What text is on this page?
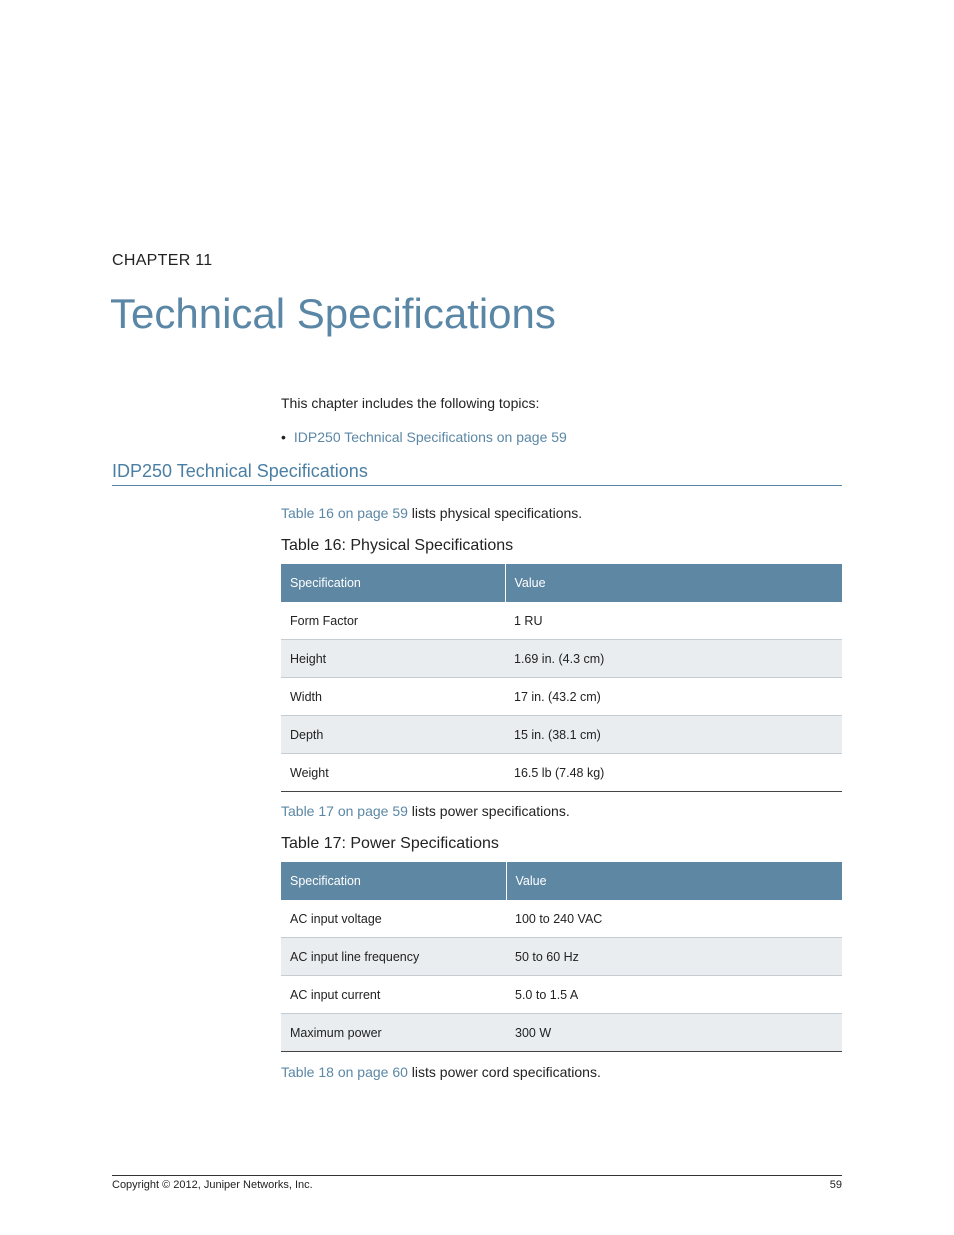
CHAPTER 11
Technical Specifications
This chapter includes the following topics:
• IDP250 Technical Specifications on page 59
IDP250 Technical Specifications
Table 16 on page 59 lists physical specifications.
Table 16: Physical Specifications
Specification	Value
Form Factor	1 RU
Height	1.69 in. (4.3 cm)
Width	17 in. (43.2 cm)
Depth	15 in. (38.1 cm)
Weight	16.5 lb (7.48 kg)
Table 17 on page 59 lists power specifications.
Table 17: Power Specifications
Specification	Value
AC input voltage	100 to 240 VAC
AC input line frequency	50 to 60 Hz
AC input current	5.0 to 1.5 A
Maximum power	300 W
Table 18 on page 60 lists power cord specifications.
Copyright © 2012, Juniper Networks, Inc.	59
